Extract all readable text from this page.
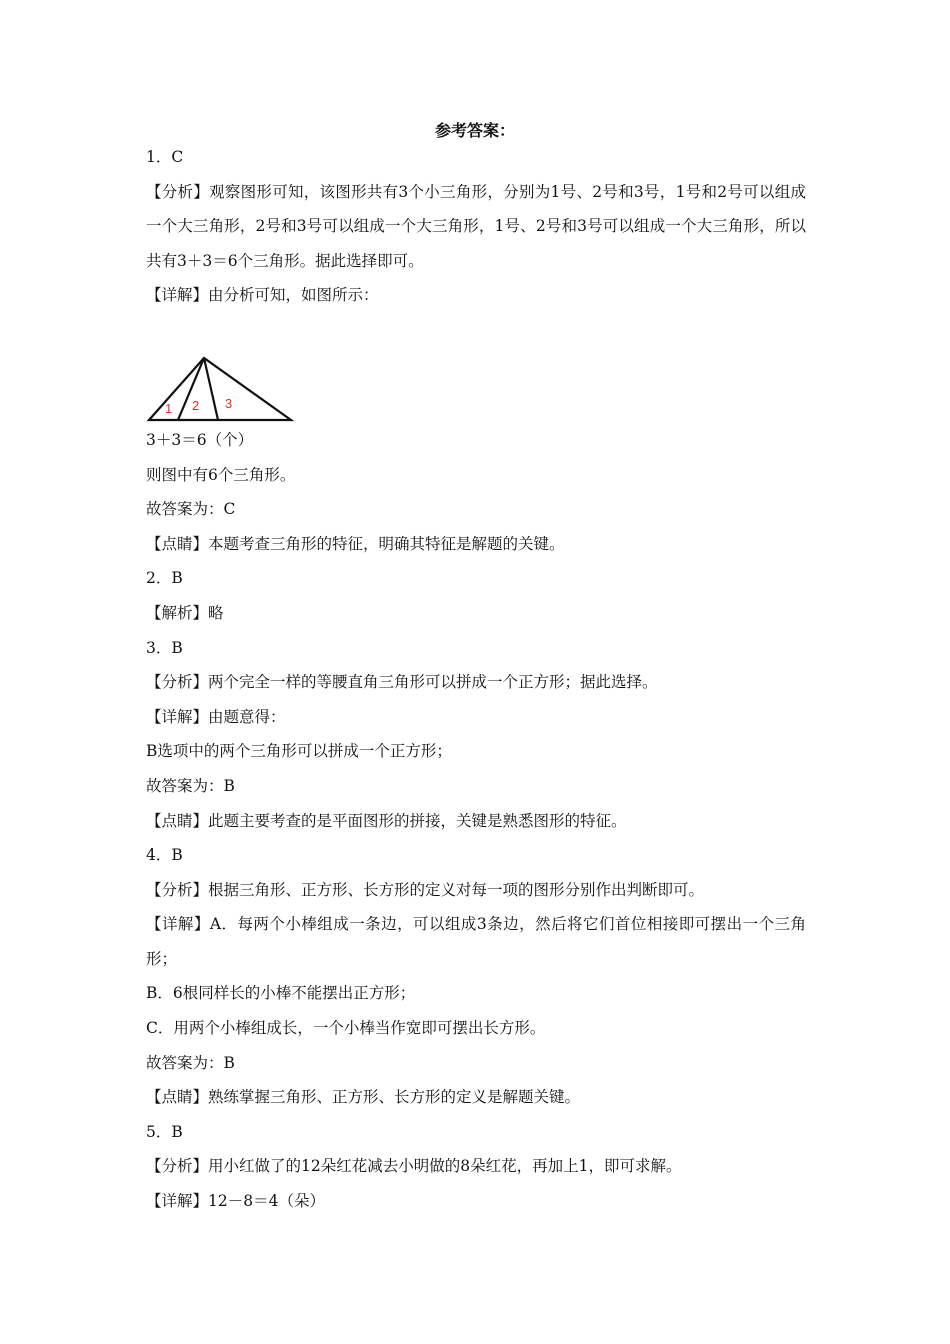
参考答案：
1．C
【分析】观察图形可知，该图形共有3个小三角形，分别为1号、2号和3号，1号和2号可以组成一个大三角形，2号和3号可以组成一个大三角形，1号、2号和3号可以组成一个大三角形，所以共有3＋3＝6个三角形。据此选择即可。
【详解】由分析可知，如图所示：
1 2 3
3＋3＝6（个）
则图中有6个三角形。
故答案为：C
【点睛】本题考查三角形的特征，明确其特征是解题的关键。
2．B
【解析】略
3．B
【分析】两个完全一样的等腰直角三角形可以拼成一个正方形；据此选择。
【详解】由题意得：
B选项中的两个三角形可以拼成一个正方形；
故答案为：B
【点睛】此题主要考查的是平面图形的拼接，关键是熟悉图形的特征。
4．B
【分析】根据三角形、正方形、长方形的定义对每一项的图形分别作出判断即可。
【详解】A．每两个小棒组成一条边，可以组成3条边，然后将它们首位相接即可摆出一个三角形；
B．6根同样长的小棒不能摆出正方形；
C．用两个小棒组成长，一个小棒当作宽即可摆出长方形。
故答案为：B
【点睛】熟练掌握三角形、正方形、长方形的定义是解题关键。
5．B
【分析】用小红做了的12朵红花减去小明做的8朵红花，再加上1，即可求解。
【详解】12－8＝4（朵）
